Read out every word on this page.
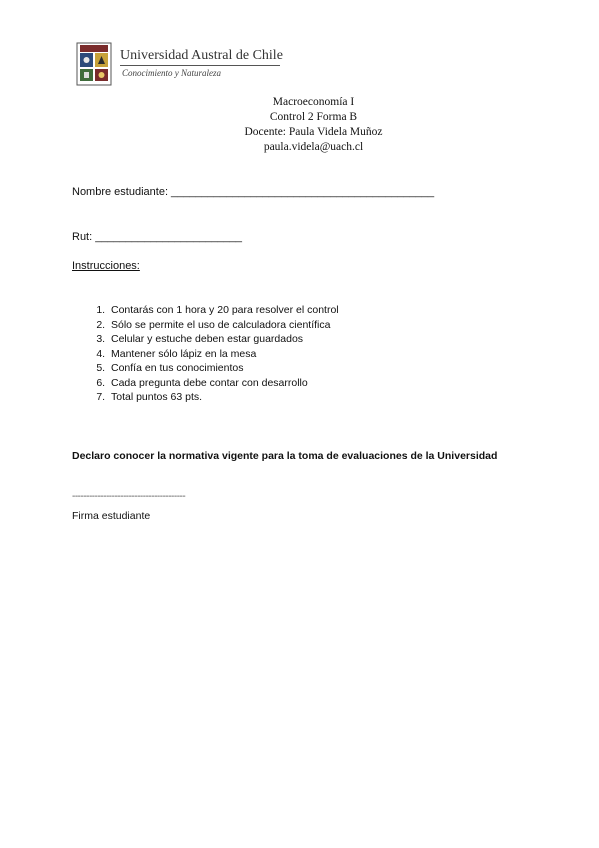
Universidad Austral de Chile
Conocimiento y Naturaleza
Macroeconomía I
Control 2 Forma B
Docente: Paula Videla Muñoz
paula.videla@uach.cl
Nombre estudiante: ___________________________________________
Rut: ________________________
Instrucciones:
1. Contarás con 1 hora y 20 para resolver el control
2. Sólo se permite el uso de calculadora científica
3. Celular y estuche deben estar guardados
4. Mantener sólo lápiz en la mesa
5. Confía en tus conocimientos
6. Cada pregunta debe contar con desarrollo
7. Total puntos 63 pts.
Declaro conocer la normativa vigente para la toma de evaluaciones de la Universidad
----------------------------------------
Firma estudiante
